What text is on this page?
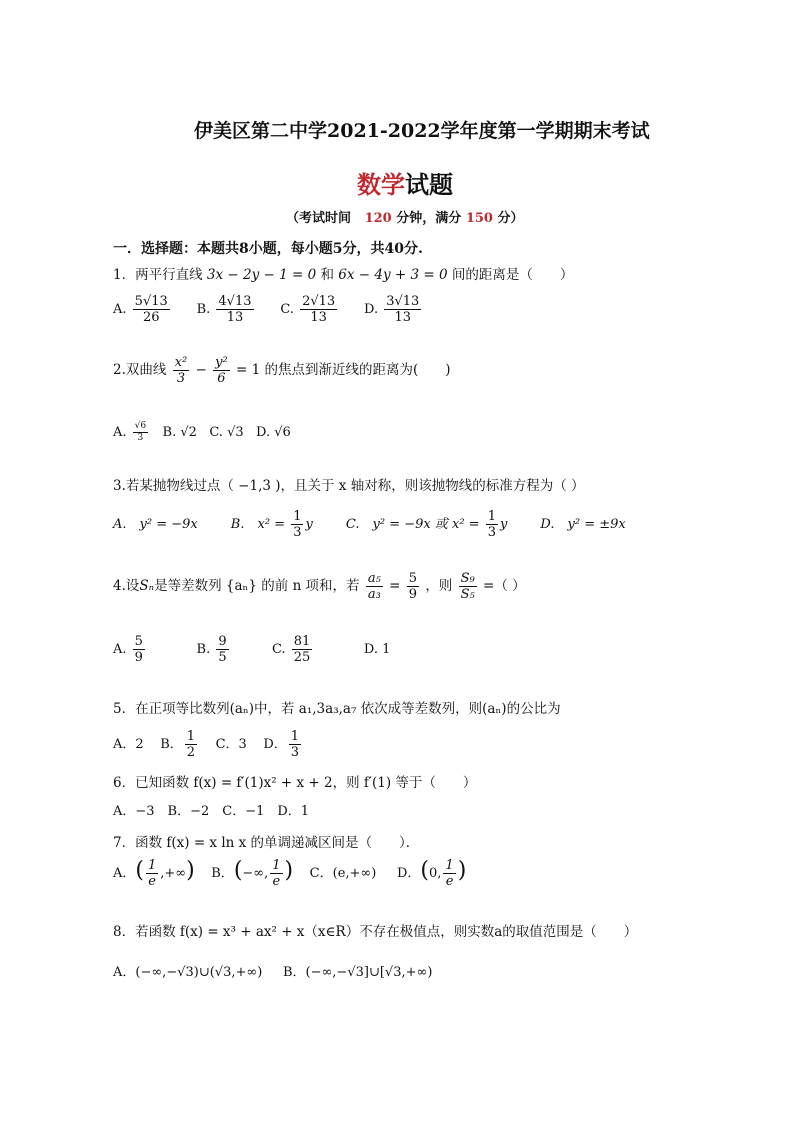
伊美区第二中学2021-2022学年度第一学期期末考试
数学试题
（考试时间 120 分钟，满分 150 分）
一．选择题：本题共8小题，每小题5分，共40分.
1．两平行直线 3x − 2y − 1 = 0 和 6x − 4y + 3 = 0 间的距离是（　　）
A. $\frac{5√13}{26} B$. $\frac{4√13}{13} C$. $\frac{2√13}{13} D$. $\frac{3√13}{13}$
2.双曲线 $\frac{\text{x²}}{3} - \frac{\text{y²}}{6} = 1$ 的焦点到渐近线的距离为(　　)
A. $\frac{√6}{3} B$. √2 C. √3 D. √6
3.若某抛物线过点（ −1,3 )，且关于 x 轴对称，则该抛物线的标准方程为（ ）
A.　y² = −9x	B.　$x^2 = \frac{1}{3}$ y	C.　y² = −9x 或 $x^2 = \frac{1}{3}$ y	D.　y² = ±9x
4.设Sₙ是等差数列 {aₙ} 的前 n 项和，若 $\frac{\text{a₅}}{\text{a₃}} = \frac{5}{9}$ ，则 $\frac{\text{S₉}}{\text{S₅}}$ =（ ）
A. $\frac{5}{9}$	B. $\frac{9}{5}$	C. $\frac{81}{25}$	D. 1
5．在正项等比数列(aₙ)中，若 a₁,3a₃,a₇ 依次成等差数列，则(aₙ)的公比为
A．2 B． $\frac{1}{2}$ C．3 D． $\frac{1}{3}$
6．已知函数 f(x) = f′(1)x² + x + 2，则 f′(1) 等于（　　）
A．−3　B．−2　C．−1　D．1
7．函数 f(x) = x ln x 的单调递减区间是（　　）．
A．( $\frac{1}{e}$ ,+∞) B．(−∞, $\frac{1}{e}$ ) C．(e,+∞) D．(0, $\frac{1}{e}$ )
8．若函数 f(x) = x³ + ax² + x（x∈R）不存在极值点，则实数a的取值范围是（　　）
A．(−∞,−√3)∪(√3,+∞) B．(−∞,−√3]∪[√3,+∞)
